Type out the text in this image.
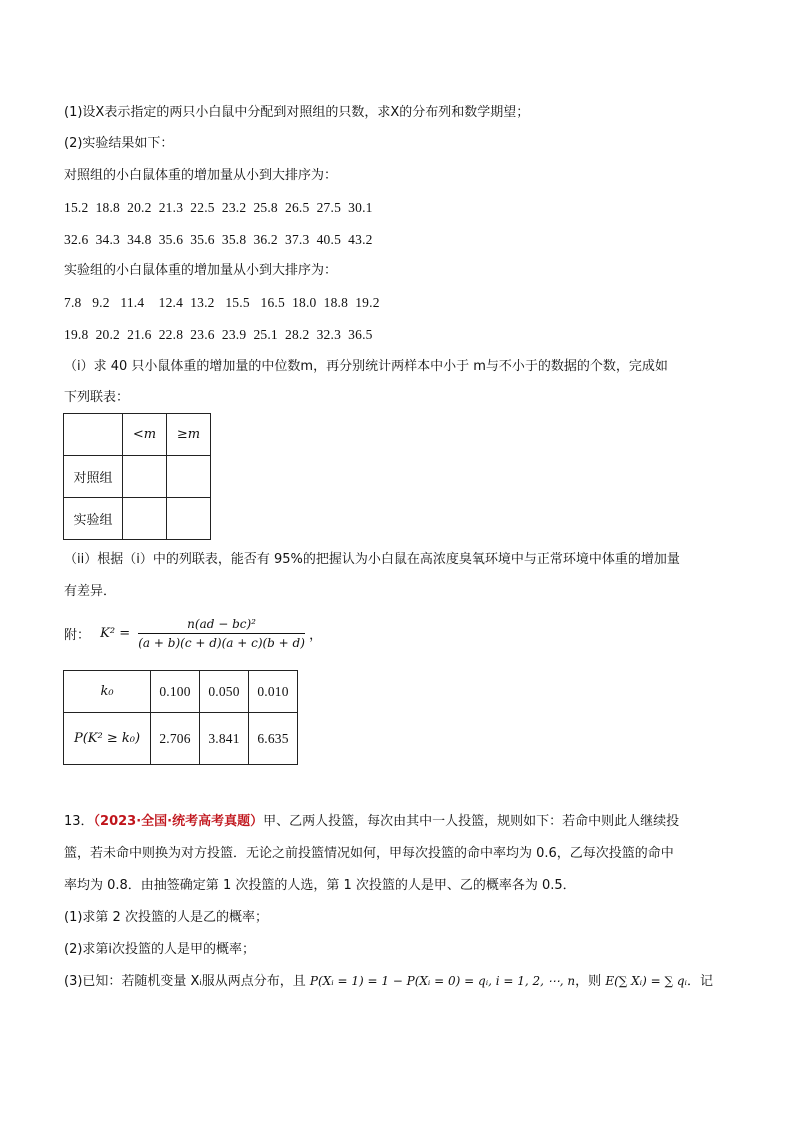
(1)设X表示指定的两只小白鼠中分配到对照组的只数，求X的分布列和数学期望；
(2)实验结果如下：
对照组的小白鼠体重的增加量从小到大排序为：
15.2  18.8  20.2  21.3  22.5  23.2  25.8  26.5  27.5  30.1
32.6  34.3  34.8  35.6  35.6  35.8  36.2  37.3  40.5  43.2
实验组的小白鼠体重的增加量从小到大排序为：
7.8   9.2   11.4    12.4  13.2   15.5   16.5  18.0  18.8  19.2
19.8  20.2  21.6  22.8  23.6  23.9  25.1  28.2  32.3  36.5
（i）求 40 只小鼠体重的增加量的中位数m，再分别统计两样本中小于 m与不小于的数据的个数，完成如
下列联表：
	<m	≥m
对照组		
实验组		
（ii）根据（i）中的列联表，能否有 95%的把握认为小白鼠在高浓度臭氧环境中与正常环境中体重的增加量
有差异．
附： $K^2 = \frac{\text{n(ad − bc)²}}{(a + b)(c + d)(a + c)(b + d)}$ ，
k₀	0.100	0.050	0.010
P(K² ≥ k₀)	2.706	3.841	6.635
13．（2023·全国·统考高考真题）甲、乙两人投篮，每次由其中一人投篮，规则如下：若命中则此人继续投
篮，若未命中则换为对方投篮．无论之前投篮情况如何，甲每次投篮的命中率均为 0.6，乙每次投篮的命中
率均为 0.8．由抽签确定第 1 次投篮的人选，第 1 次投篮的人是甲、乙的概率各为 0.5．
(1)求第 2 次投篮的人是乙的概率；
(2)求第i次投篮的人是甲的概率；
(3)已知：若随机变量 Xᵢ服从两点分布，且 P(Xᵢ = 1) = 1 − P(Xᵢ = 0) = qᵢ, i = 1, 2, ⋯, n，则 E(∑ Xᵢ) = ∑ qᵢ．记
